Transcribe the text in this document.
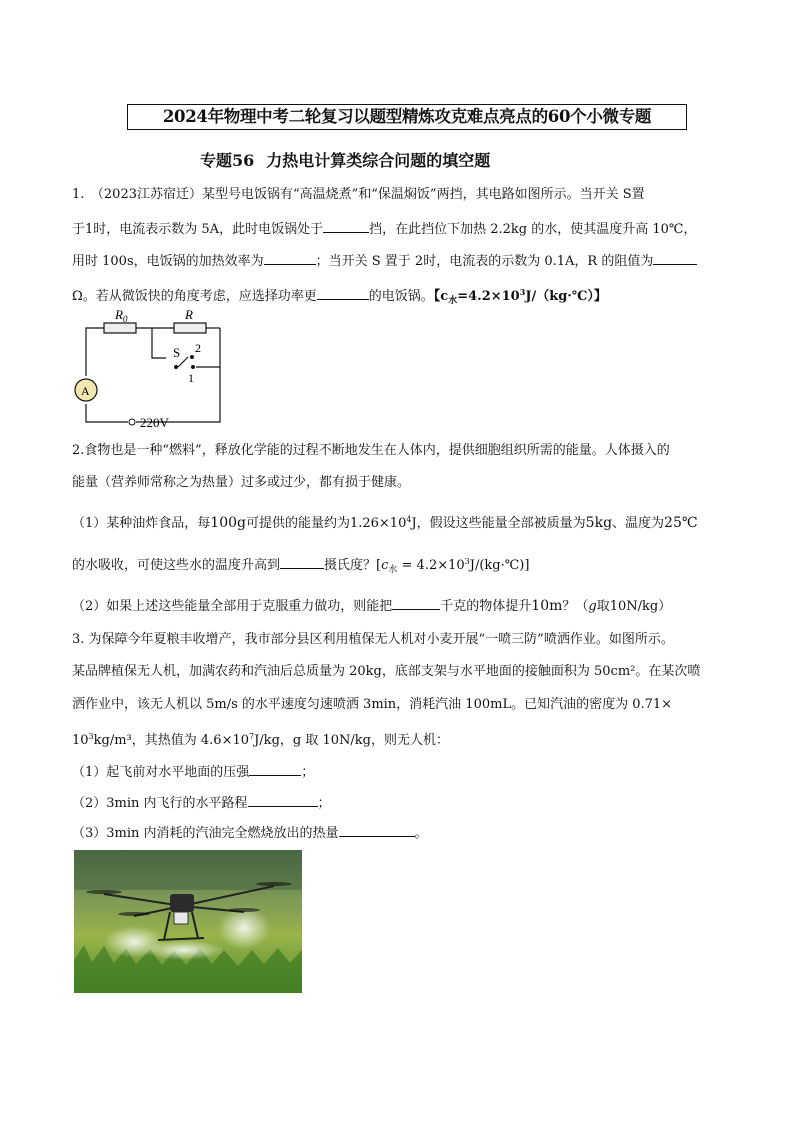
2024年物理中考二轮复习以题型精炼攻克难点亮点的60个小微专题
专题56 力热电计算类综合问题的填空题
1.　（2023江苏宿迁）某型号电饭锅有“高温烧煮”和“保温焖饭”两挡，其电路如图所示。当开关 S置
于1时，电流表示数为 5A，此时电饭锅处于	挡，在此挡位下加热 2.2kg 的水，使其温度升高 10℃，
用时 100s，电饭锅的加热效率为	；当开关 S 置于 2时，电流表的示数为 0.1A，R 的阻值为
Ω。若从微饭快的角度考虑，应选择功率更	的电饭锅。【$c_水=4.2\times 10^3J/(kg\cdot℃)$】
$R_0$	R
S 2
1
A
220V
2.食物也是一种“燃料”，释放化学能的过程不断地发生在人体内，提供细胞组织所需的能量。人体摄入的
能量（营养师常称之为热量）过多或过少，都有损于健康。
（1）某种油炸食品，每100g可提供的能量约为$1.26\times 10^4J$，假设这些能量全部被质量为5kg、温度为25℃
的水吸收，可使这些水的温度升高到	摄氏度？[$c_水$ = $4.2\times 10^3J/(kg\cdot℃)$]
（2）如果上述这些能量全部用于克服重力做功，则能把	千克的物体提升10m？（g取10N/kg）
3. 为保障今年夏粮丰收增产，我市部分县区利用植保无人机对小麦开展“一喷三防”喷洒作业。如图所示。
某品牌植保无人机，加满农药和汽油后总质量为 20kg，底部支架与水平地面的接触面积为 50cm²。在某次喷
洒作业中，该无人机以 5m/s 的水平速度匀速喷洒 3min，消耗汽油 100mL。已知汽油的密度为 0.71×
$10^3kg/m^3$，其热值为 $4.6\times 10^7J/kg$，g 取 10N/kg，则无人机：
（1）起飞前对水平地面的压强	；
（2）3min 内飞行的水平路程	；
（3）3min 内消耗的汽油完全燃烧放出的热量	。
